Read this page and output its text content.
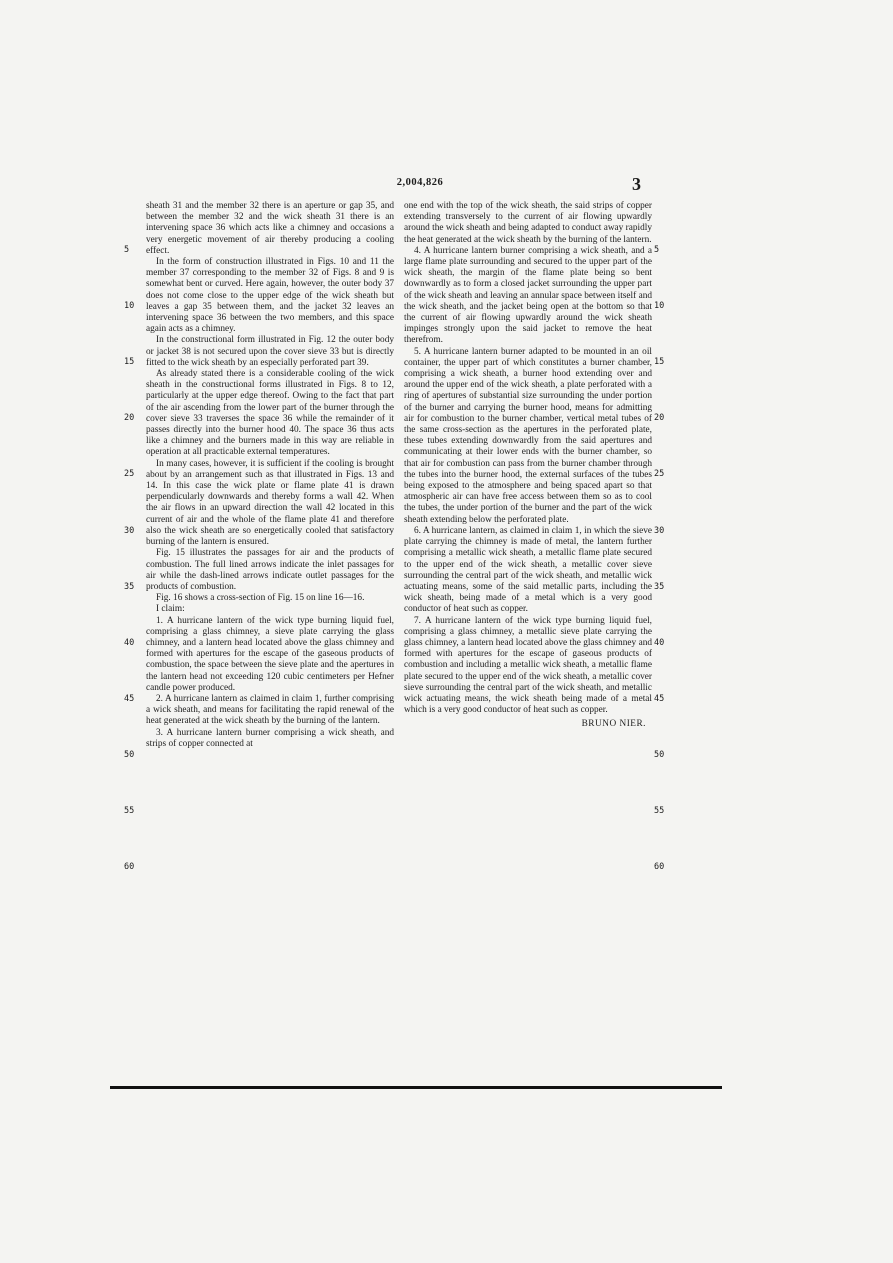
2,004,826	3

sheath 31 and the member 32 there is an aperture or gap 35, and between the member 32 and the wick sheath 31 there is an intervening space 36 which acts like a chimney and occasions a very energetic movement of air thereby producing a cooling effect.

In the form of construction illustrated in Figs. 10 and 11 the member 37 corresponding to the member 32 of Figs. 8 and 9 is somewhat bent or curved. Here again, however, the outer body 37 does not come close to the upper edge of the wick sheath but leaves a gap 35 between them, and the jacket 32 leaves an intervening space 36 between the two members, and this space again acts as a chimney.

In the constructional form illustrated in Fig. 12 the outer body or jacket 38 is not secured upon the cover sieve 33 but is directly fitted to the wick sheath by an especially perforated part 39.

As already stated there is a considerable cooling of the wick sheath in the constructional forms illustrated in Figs. 8 to 12, particularly at the upper edge thereof. Owing to the fact that part of the air ascending from the lower part of the burner through the cover sieve 33 traverses the space 36 while the remainder of it passes directly into the burner hood 40. The space 36 thus acts like a chimney and the burners made in this way are reliable in operation at all practicable external temperatures.

In many cases, however, it is sufficient if the cooling is brought about by an arrangement such as that illustrated in Figs. 13 and 14. In this case the wick plate or flame plate 41 is drawn perpendicularly downwards and thereby forms a wall 42. When the air flows in an upward direction the wall 42 located in this current of air and the whole of the flame plate 41 and therefore also the wick sheath are so energetically cooled that satisfactory burning of the lantern is ensured.

Fig. 15 illustrates the passages for air and the products of combustion. The full lined arrows indicate the inlet passages for air while the dash-lined arrows indicate outlet passages for the products of combustion.

Fig. 16 shows a cross-section of Fig. 15 on line 16—16.

I claim:

1. A hurricane lantern of the wick type burning liquid fuel, comprising a glass chimney, a sieve plate carrying the glass chimney, and a lantern head located above the glass chimney and formed with apertures for the escape of the gaseous products of combustion, the space between the sieve plate and the apertures in the lantern head not exceeding 120 cubic centimeters per Hefner candle power produced.

2. A hurricane lantern as claimed in claim 1, further comprising a wick sheath, and means for facilitating the rapid renewal of the heat generated at the wick sheath by the burning of the lantern.

3. A hurricane lantern burner comprising a wick sheath, and strips of copper connected at

one end with the top of the wick sheath, the said strips of copper extending transversely to the current of air flowing upwardly around the wick sheath and being adapted to conduct away rapidly the heat generated at the wick sheath by the burning of the lantern.

4. A hurricane lantern burner comprising a wick sheath, and a large flame plate surrounding and secured to the upper part of the wick sheath, the margin of the flame plate being so bent downwardly as to form a closed jacket surrounding the upper part of the wick sheath and leaving an annular space between itself and the wick sheath, and the jacket being open at the bottom so that the current of air flowing upwardly around the wick sheath impinges strongly upon the said jacket to remove the heat therefrom.

5. A hurricane lantern burner adapted to be mounted in an oil container, the upper part of which constitutes a burner chamber, comprising a wick sheath, a burner hood extending over and around the upper end of the wick sheath, a plate perforated with a ring of apertures of substantial size surrounding the under portion of the burner and carrying the burner hood, means for admitting air for combustion to the burner chamber, vertical metal tubes of the same cross-section as the apertures in the perforated plate, these tubes extending downwardly from the said apertures and communicating at their lower ends with the burner chamber, so that air for combustion can pass from the burner chamber through the tubes into the burner hood, the external surfaces of the tubes being exposed to the atmosphere and being spaced apart so that atmospheric air can have free access between them so as to cool the tubes, the under portion of the burner and the part of the wick sheath extending below the perforated plate.

6. A hurricane lantern, as claimed in claim 1, in which the sieve plate carrying the chimney is made of metal, the lantern further comprising a metallic wick sheath, a metallic flame plate secured to the upper end of the wick sheath, a metallic cover sieve surrounding the central part of the wick sheath, and metallic wick actuating means, some of the said metallic parts, including the wick sheath, being made of a metal which is a very good conductor of heat such as copper.

7. A hurricane lantern of the wick type burning liquid fuel, comprising a glass chimney, a metallic sieve plate carrying the glass chimney, a lantern head located above the glass chimney and formed with apertures for the escape of gaseous products of combustion and including a metallic wick sheath, a metallic flame plate secured to the upper end of the wick sheath, a metallic cover sieve surrounding the central part of the wick sheath, and metallic wick actuating means, the wick sheath being made of a metal which is a very good conductor of heat such as copper.

BRUNO NIER.
5	5
10	10
15	15
20	20
25	25
30	30
35	35
40	40
45	45
50	50
55	55
60	60
